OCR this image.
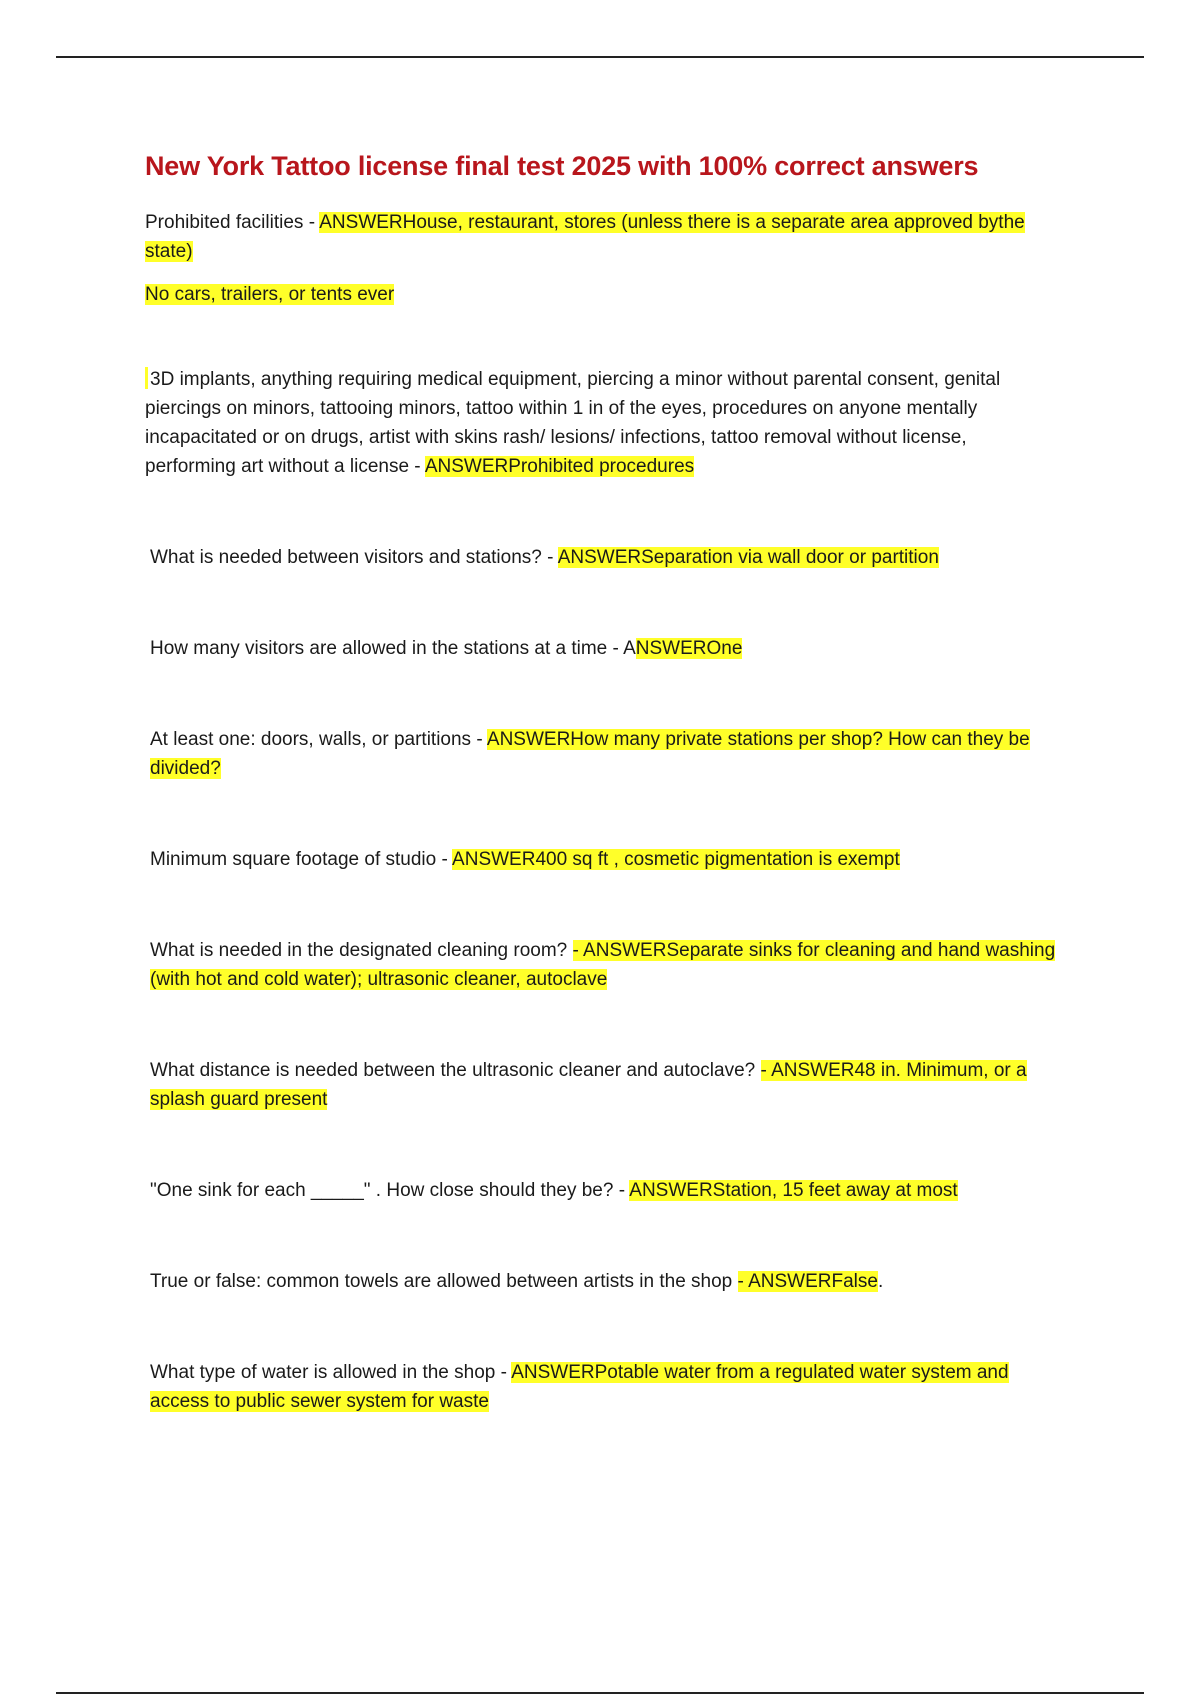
New York Tattoo license final test 2025 with 100% correct answers

Prohibited facilities - ANSWERHouse, restaurant, stores (unless there is a separate area approved bythe state)

No cars, trailers, or tents ever

3D implants, anything requiring medical equipment, piercing a minor without parental consent, genital piercings on minors, tattooing minors, tattoo within 1 in of the eyes, procedures on anyone mentally incapacitated or on drugs, artist with skins rash/ lesions/ infections, tattoo removal without license, performing art without a license - ANSWERProhibited procedures

What is needed between visitors and stations? - ANSWERSeparation via wall door or partition

How many visitors are allowed in the stations at a time - ANSWEROne

At least one: doors, walls, or partitions - ANSWERHow many private stations per shop? How can they be divided?

Minimum square footage of studio - ANSWER400 sq ft , cosmetic pigmentation is exempt

What is needed in the designated cleaning room? - ANSWERSeparate sinks for cleaning and hand washing (with hot and cold water); ultrasonic cleaner, autoclave

What distance is needed between the ultrasonic cleaner and autoclave? - ANSWER48 in. Minimum, or a splash guard present

"One sink for each _____" . How close should they be? - ANSWERStation, 15 feet away at most

True or false: common towels are allowed between artists in the shop - ANSWERFalse.

What type of water is allowed in the shop - ANSWERPotable water from a regulated water system and access to public sewer system for waste
